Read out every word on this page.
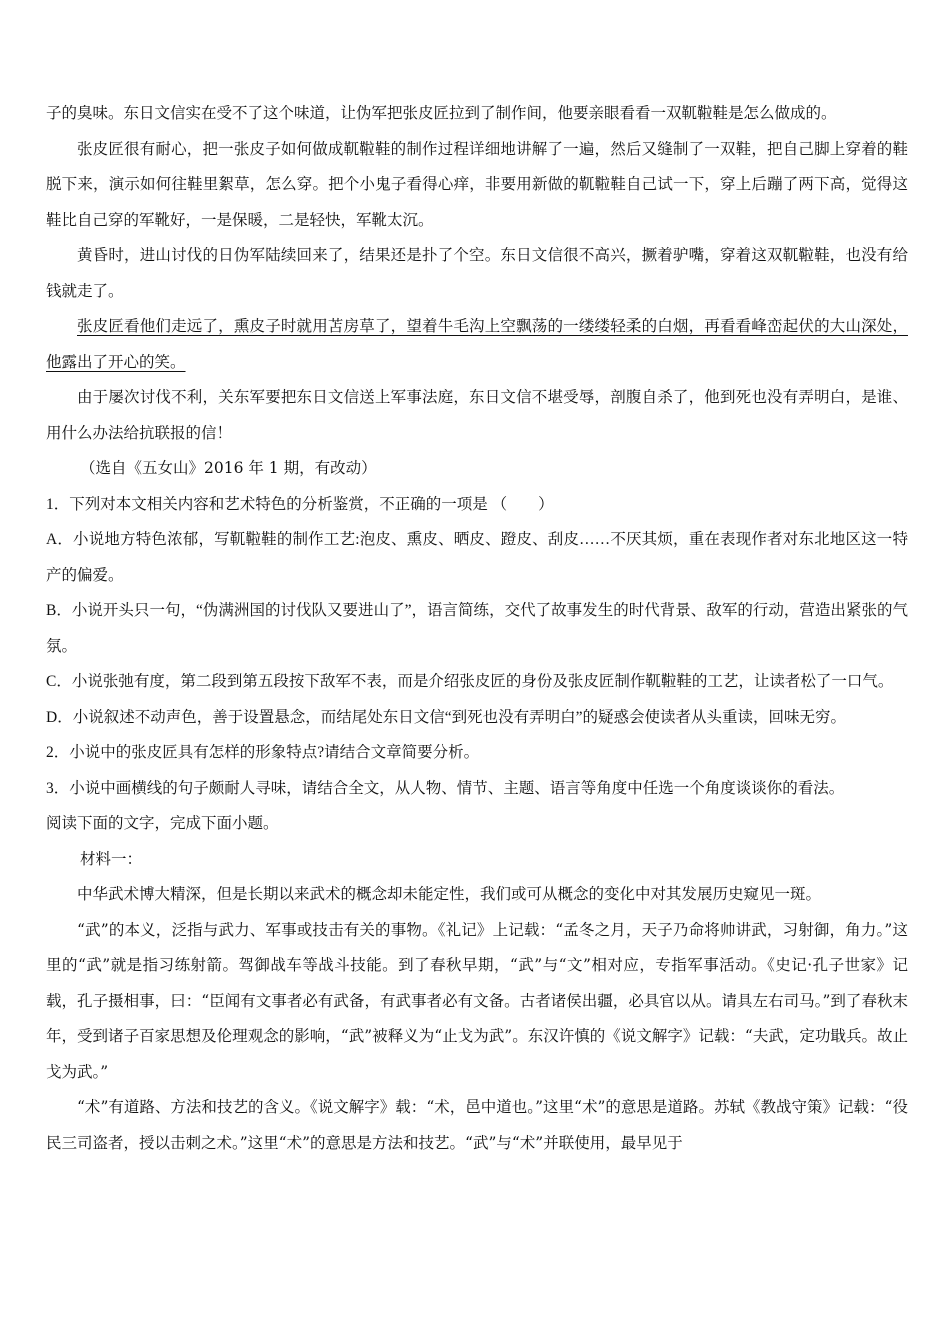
子的臭味。东日文信实在受不了这个味道，让伪军把张皮匠拉到了制作间，他要亲眼看看一双靰鞡鞋是怎么做成的。

张皮匠很有耐心，把一张皮子如何做成靰鞡鞋的制作过程详细地讲解了一遍，然后又缝制了一双鞋，把自己脚上穿着的鞋脱下来，演示如何往鞋里絮草，怎么穿。把个小鬼子看得心痒，非要用新做的靰鞡鞋自己试一下，穿上后蹦了两下高，觉得这鞋比自己穿的军靴好，一是保暖，二是轻快，军靴太沉。

黄昏时，进山讨伐的日伪军陆续回来了，结果还是扑了个空。东日文信很不高兴，撅着驴嘴，穿着这双靰鞡鞋，也没有给钱就走了。

张皮匠看他们走远了，熏皮子时就用苫房草了，望着牛毛沟上空飘荡的一缕缕轻柔的白烟，再看看峰峦起伏的大山深处，他露出了开心的笑。

由于屡次讨伐不利，关东军要把东日文信送上军事法庭，东日文信不堪受辱，剖腹自杀了，他到死也没有弄明白，是谁、用什么办法给抗联报的信！

（选自《五女山》2016 年 1 期，有改动）

1．下列对本文相关内容和艺术特色的分析鉴赏，不正确的一项是 （　　）

A．小说地方特色浓郁，写靰鞡鞋的制作工艺:泡皮、熏皮、晒皮、蹬皮、刮皮……不厌其烦，重在表现作者对东北地区这一特产的偏爱。

B．小说开头只一句，“伪满洲国的讨伐队又要进山了”，语言简练，交代了故事发生的时代背景、敌军的行动，营造出紧张的气氛。

C．小说张弛有度，第二段到第五段按下敌军不表，而是介绍张皮匠的身份及张皮匠制作靰鞡鞋的工艺，让读者松了一口气。

D．小说叙述不动声色，善于设置悬念，而结尾处东日文信“到死也没有弄明白”的疑惑会使读者从头重读，回味无穷。

2．小说中的张皮匠具有怎样的形象特点?请结合文章简要分析。

3．小说中画横线的句子颇耐人寻味，请结合全文，从人物、情节、主题、语言等角度中任选一个角度谈谈你的看法。

阅读下面的文字，完成下面小题。

材料一：

中华武术博大精深，但是长期以来武术的概念却未能定性，我们或可从概念的变化中对其发展历史窥见一斑。

“武”的本义，泛指与武力、军事或技击有关的事物。《礼记》上记载：“孟冬之月，天子乃命将帅讲武，习射御，角力。”这里的“武”就是指习练射箭。驾御战车等战斗技能。到了春秋早期，“武”与“文”相对应，专指军事活动。《史记·孔子世家》记载，孔子摄相事，曰：“臣闻有文事者必有武备，有武事者必有文备。古者诸侯出疆，必具官以从。请具左右司马。”到了春秋末年，受到诸子百家思想及伦理观念的影响，“武”被释义为“止戈为武”。东汉许慎的《说文解字》记载：“夫武，定功戢兵。故止戈为武。”

“术”有道路、方法和技艺的含义。《说文解字》载：“术，邑中道也。”这里“术”的意思是道路。苏轼《教战守策》记载：“役民三司盗者，授以击刺之术。”这里“术”的意思是方法和技艺。“武”与“术”并联使用，最早见于
